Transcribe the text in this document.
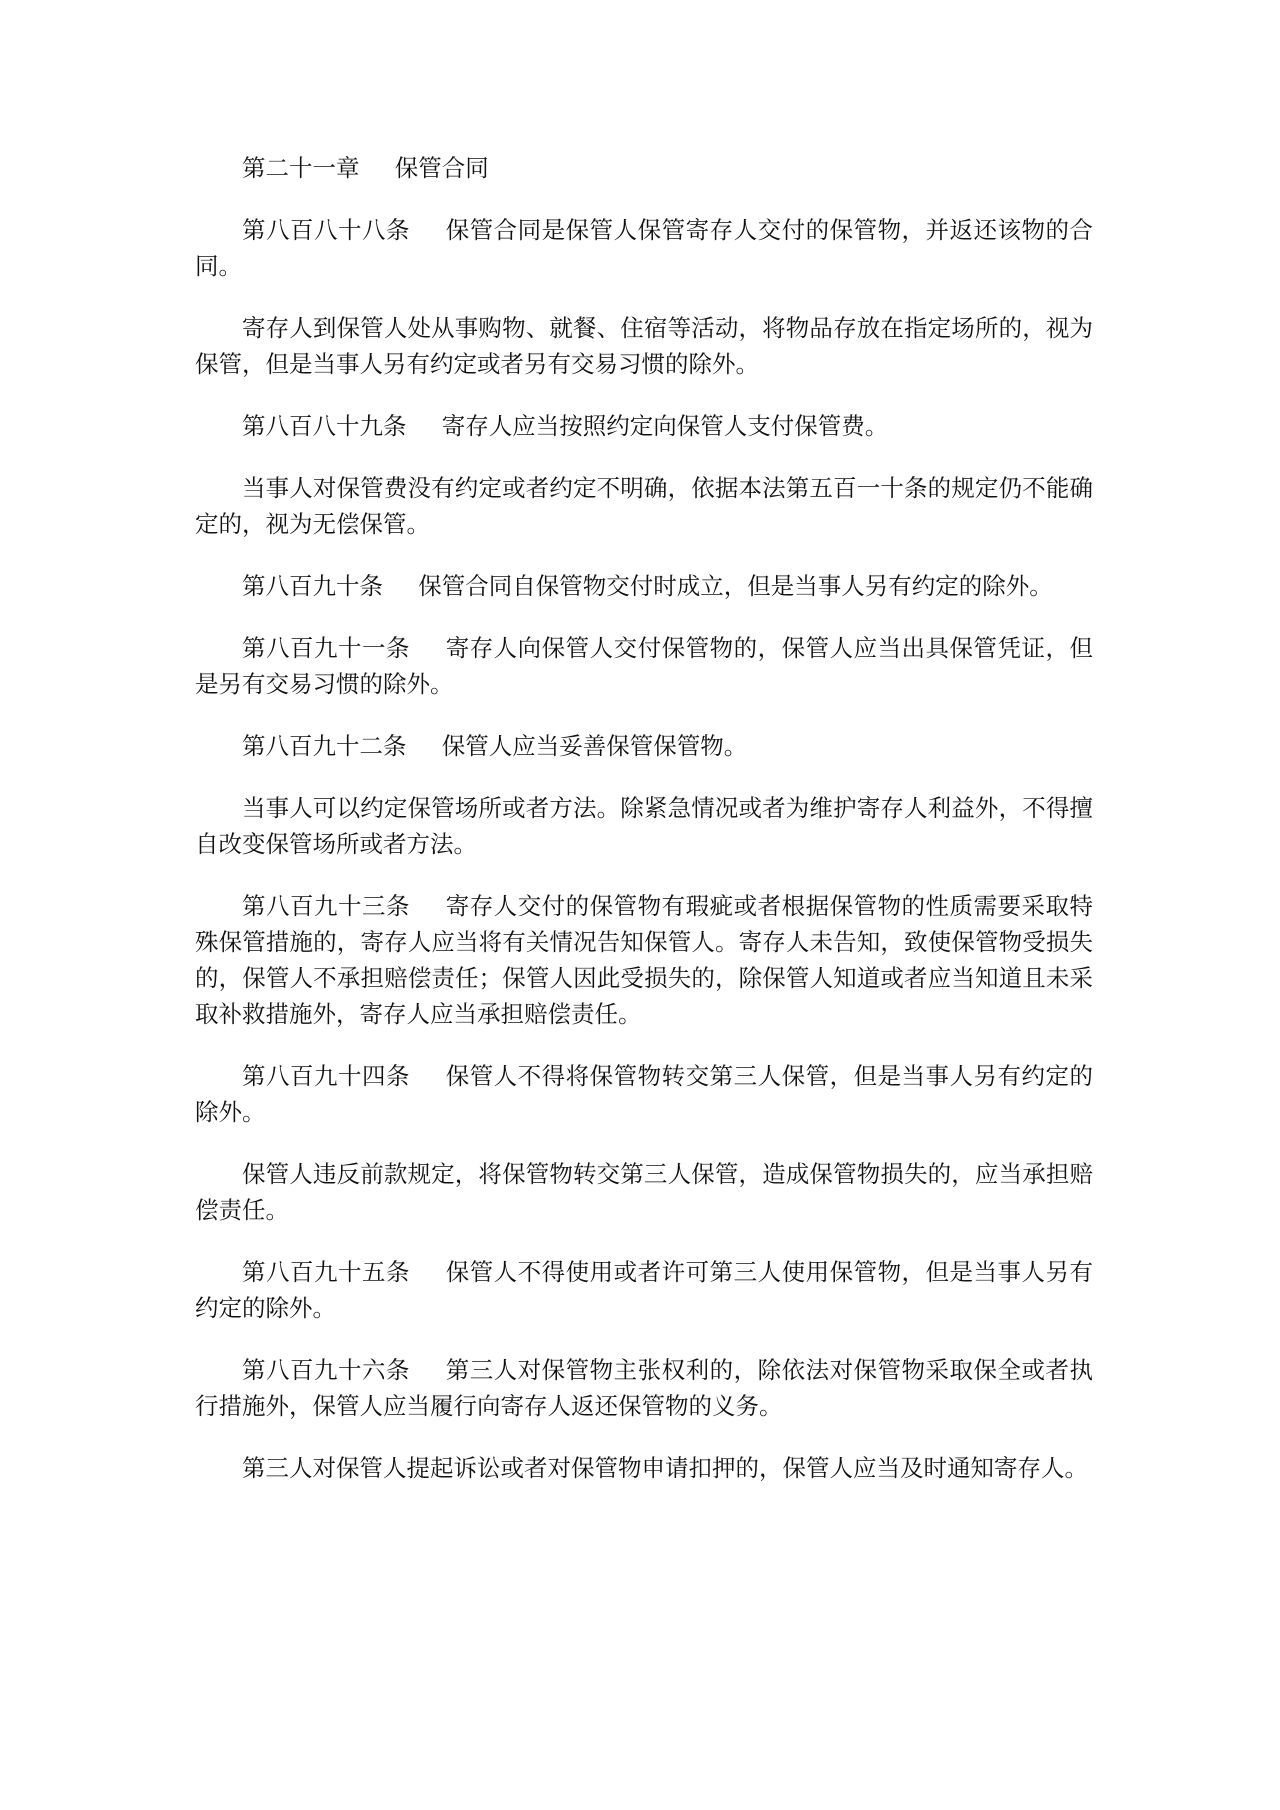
第二十一章 保管合同

第八百八十八条 保管合同是保管人保管寄存人交付的保管物，并返还该物的合同。

寄存人到保管人处从事购物、就餐、住宿等活动，将物品存放在指定场所的，视为保管，但是当事人另有约定或者另有交易习惯的除外。

第八百八十九条 寄存人应当按照约定向保管人支付保管费。

当事人对保管费没有约定或者约定不明确，依据本法第五百一十条的规定仍不能确定的，视为无偿保管。

第八百九十条 保管合同自保管物交付时成立，但是当事人另有约定的除外。

第八百九十一条 寄存人向保管人交付保管物的，保管人应当出具保管凭证，但是另有交易习惯的除外。

第八百九十二条 保管人应当妥善保管保管物。

当事人可以约定保管场所或者方法。除紧急情况或者为维护寄存人利益外，不得擅自改变保管场所或者方法。

第八百九十三条 寄存人交付的保管物有瑕疵或者根据保管物的性质需要采取特殊保管措施的，寄存人应当将有关情况告知保管人。寄存人未告知，致使保管物受损失的，保管人不承担赔偿责任；保管人因此受损失的，除保管人知道或者应当知道且未采取补救措施外，寄存人应当承担赔偿责任。

第八百九十四条 保管人不得将保管物转交第三人保管，但是当事人另有约定的除外。

保管人违反前款规定，将保管物转交第三人保管，造成保管物损失的，应当承担赔偿责任。

第八百九十五条 保管人不得使用或者许可第三人使用保管物，但是当事人另有约定的除外。

第八百九十六条 第三人对保管物主张权利的，除依法对保管物采取保全或者执行措施外，保管人应当履行向寄存人返还保管物的义务。

第三人对保管人提起诉讼或者对保管物申请扣押的，保管人应当及时通知寄存人。
